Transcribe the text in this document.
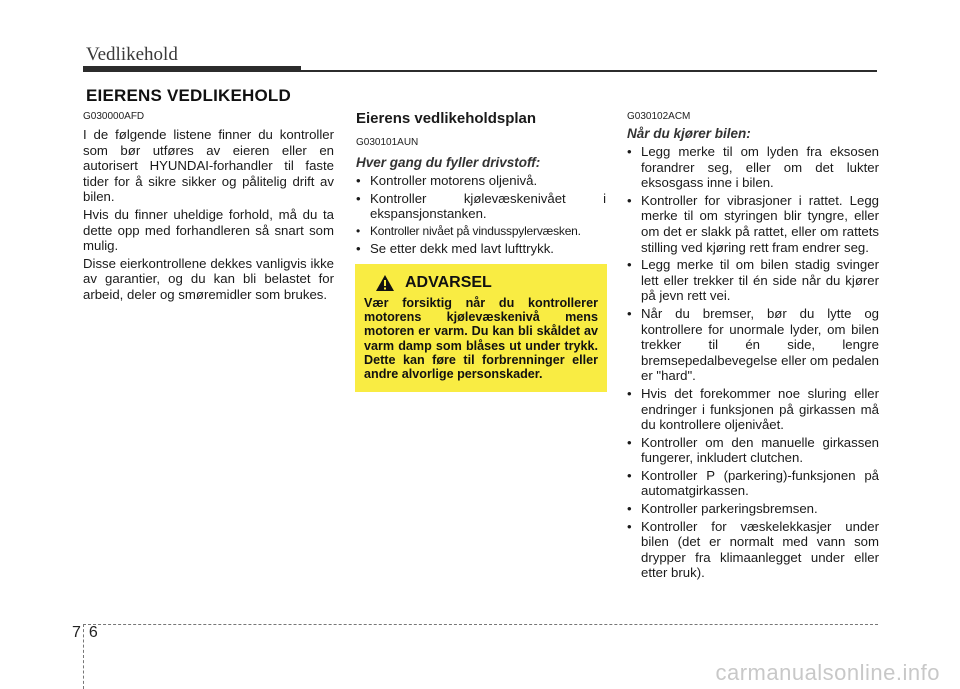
Vedlikehold
EIERENS VEDLIKEHOLD

G030000AFD

I de følgende listene finner du kontroller som bør utføres av eieren eller en autorisert HYUNDAI-forhandler til faste tider for å sikre sikker og pålitelig drift av bilen.

Hvis du finner uheldige forhold, må du ta dette opp med forhandleren så snart som mulig.

Disse eierkontrollene dekkes vanligvis ikke av garantier, og du kan bli belastet for arbeid, deler og smøremidler som brukes.

Eierens vedlikeholdsplan

G030101AUN

Hver gang du fyller drivstoff:
• Kontroller motorens oljenivå.
• Kontroller kjølevæskenivået i ekspansjonstanken.
• Kontroller nivået på vindusspylervæsken.
• Se etter dekk med lavt lufttrykk.
ADVARSEL
Vær forsiktig når du kontrollerer motorens kjølevæskenivå mens motoren er varm. Du kan bli skåldet av varm damp som blåses ut under trykk. Dette kan føre til forbrenninger eller andre alvorlige personskader.

G030102ACM

Når du kjører bilen:
• Legg merke til om lyden fra eksosen forandrer seg, eller om det lukter eksosgass inne i bilen.
• Kontroller for vibrasjoner i rattet. Legg merke til om styringen blir tyngre, eller om det er slakk på rattet, eller om rattets stilling ved kjøring rett fram endrer seg.
• Legg merke til om bilen stadig svinger lett eller trekker til én side når du kjører på jevn rett vei.
• Når du bremser, bør du lytte og kontrollere for unormale lyder, om bilen trekker til én side, lengre bremsepedalbevegelse eller om pedalen er "hard".
• Hvis det forekommer noe sluring eller endringer i funksjonen på girkassen må du kontrollere oljenivået.
• Kontroller om den manuelle girkassen fungerer, inkludert clutchen.
• Kontroller P (parkering)-funksjonen på automatgirkassen.
• Kontroller parkeringsbremsen.
• Kontroller for væskelekkasjer under bilen (det er normalt med vann som drypper fra klimaanlegget under eller etter bruk).
76
carmanualsonline.info
